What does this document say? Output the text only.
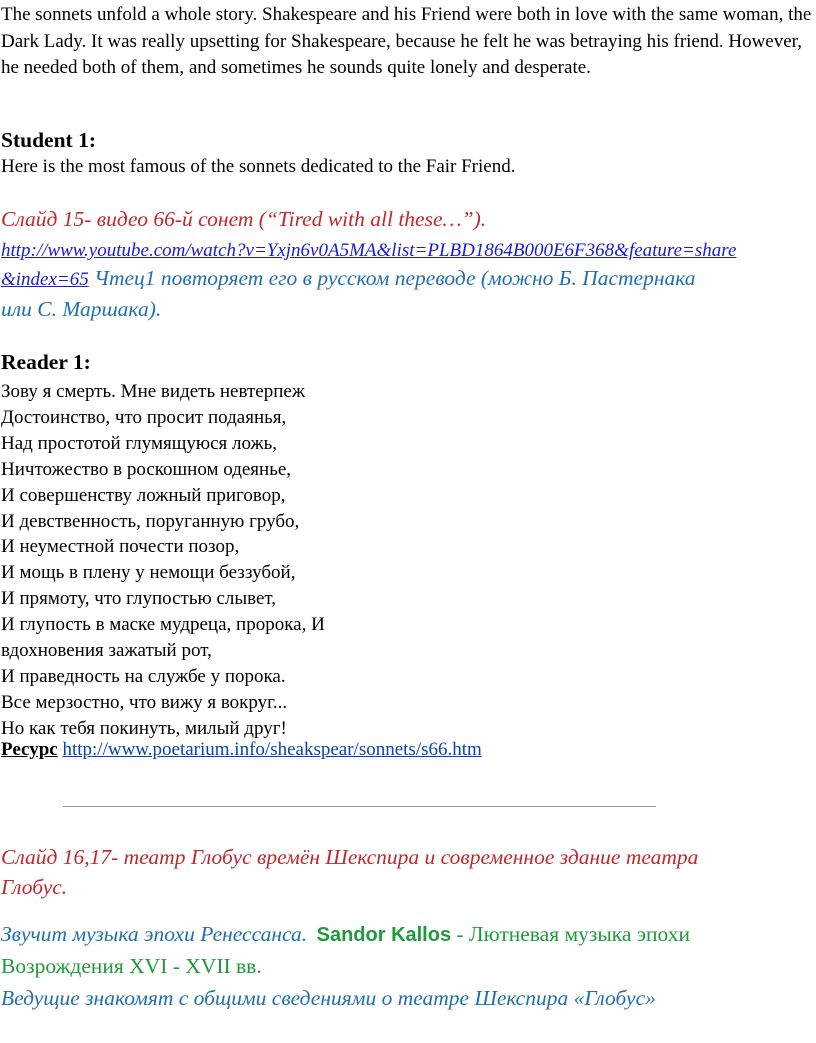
The sonnets unfold a whole story. Shakespeare and his Friend were both in love with the same woman, the Dark Lady. It was really upsetting for Shakespeare, because he felt he was betraying his friend. However, he needed both of them, and sometimes he sounds quite lonely and desperate.
Student 1:
Here is the most famous of the sonnets dedicated to the Fair Friend.
Слайд 15- видео 66-й сонет (“Tired with all these…”).
http://www.youtube.com/watch?v=Yxjn6v0A5MA&list=PLBD1864B000E6F368&feature=share
&index=65 Чтец1 повторяет его в русском переводе (можно Б. Пастернака
или С. Маршака).
Reader 1:
Зову я смерть. Мне видеть невтерпеж
Достоинство, что просит подаянья,
Над простотой глумящуюся ложь,
Ничтожество в роскошном одеянье,
И совершенству ложный приговор,
И девственность, поруганную грубо,
И неуместной почести позор,
И мощь в плену у немощи беззубой,
И прямоту, что глупостью слывет,
И глупость в маске мудреца, пророка, И
вдохновения зажатый рот,
И праведность на службе у порока.
Все мерзостно, что вижу я вокруг...
Но как тебя покинуть, милый друг!
Ресурс http://www.poetarium.info/sheakspear/sonnets/s66.htm
Слайд 16,17- театр Глобус времён Шекспира и современное здание театра
Глобус.
Звучит музыка эпохи Ренессанса. Sandor Kallos - Лютневая музыка эпохи
Возрождения XVI - XVII вв.
Ведущие знакомят с общими сведениями о театре Шекспира «Глобус»
